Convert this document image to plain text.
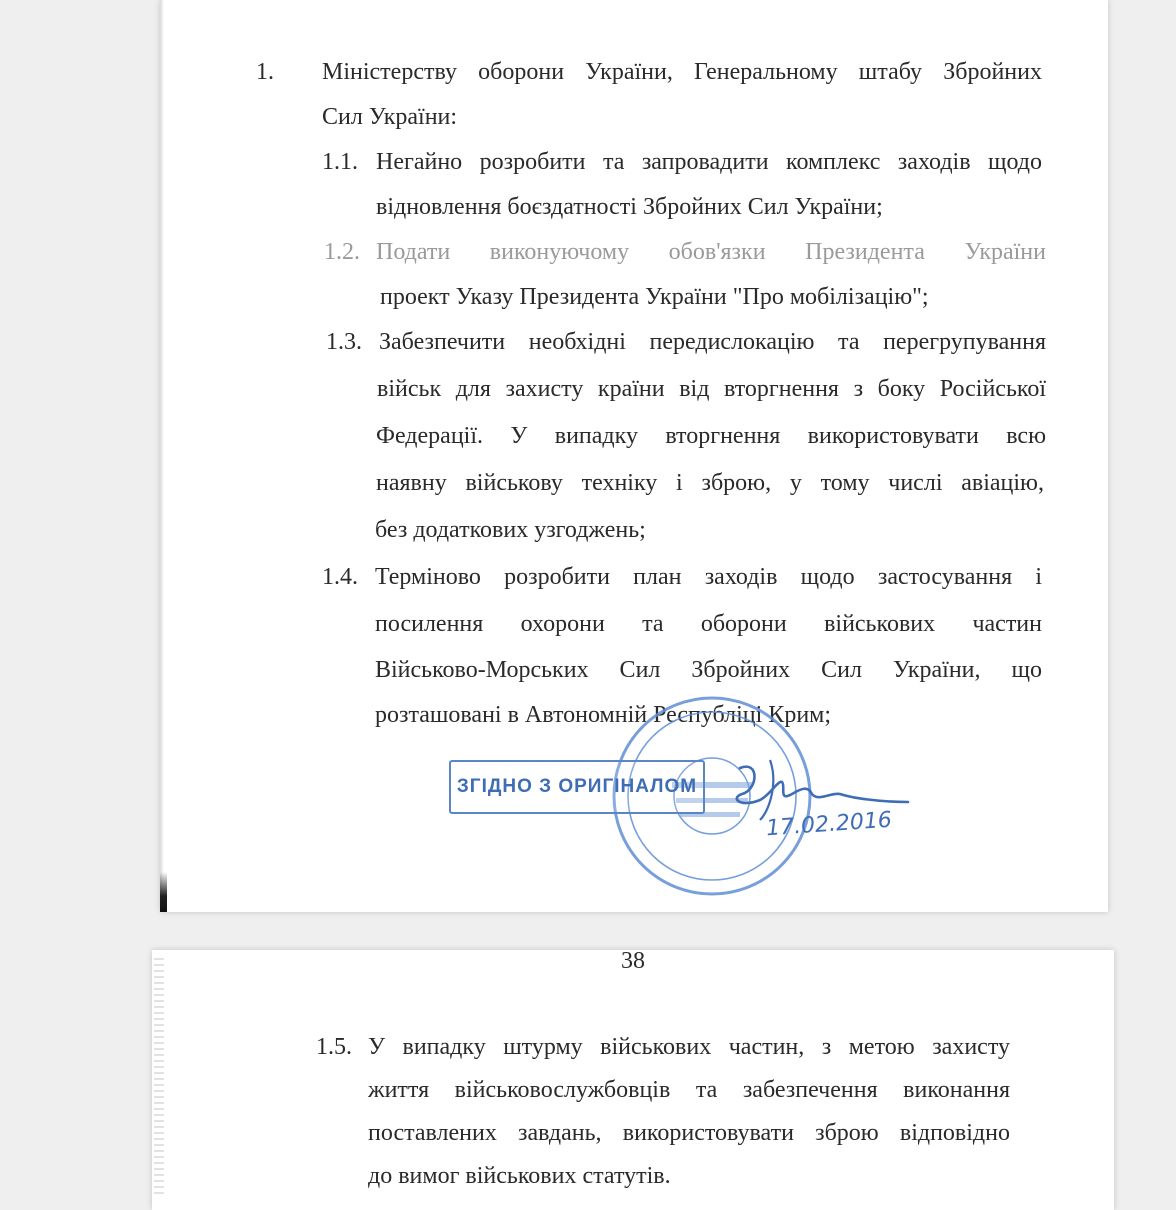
1. Міністерству оборони України, Генеральному штабу Збройних
Сил України:
1.1. Негайно розробити та запровадити комплекс заходів щодо
відновлення боєздатності Збройних Сил України;
1.2. Подати виконуючому обов'язки Президента України
проект Указу Президента України "Про мобілізацію";
1.3. Забезпечити необхідні передислокацію та перегрупування
військ для захисту країни від вторгнення з боку Російської
Федерації. У випадку вторгнення використовувати всю
наявну військову техніку і зброю, у тому числі авіацію,
без додаткових узгоджень;
1.4. Терміново розробити план заходів щодо застосування і
посилення охорони та оборони військових частин
Військово-Морських Сил Збройних Сил України, що
розташовані в Автономній Республіці Крим;
ЗГІДНО З ОРИГІНАЛОМ
17.02.2016
38
1.5. У випадку штурму військових частин, з метою захисту
життя військовослужбовців та забезпечення виконання
поставлених завдань, використовувати зброю відповідно
до вимог військових статутів.
